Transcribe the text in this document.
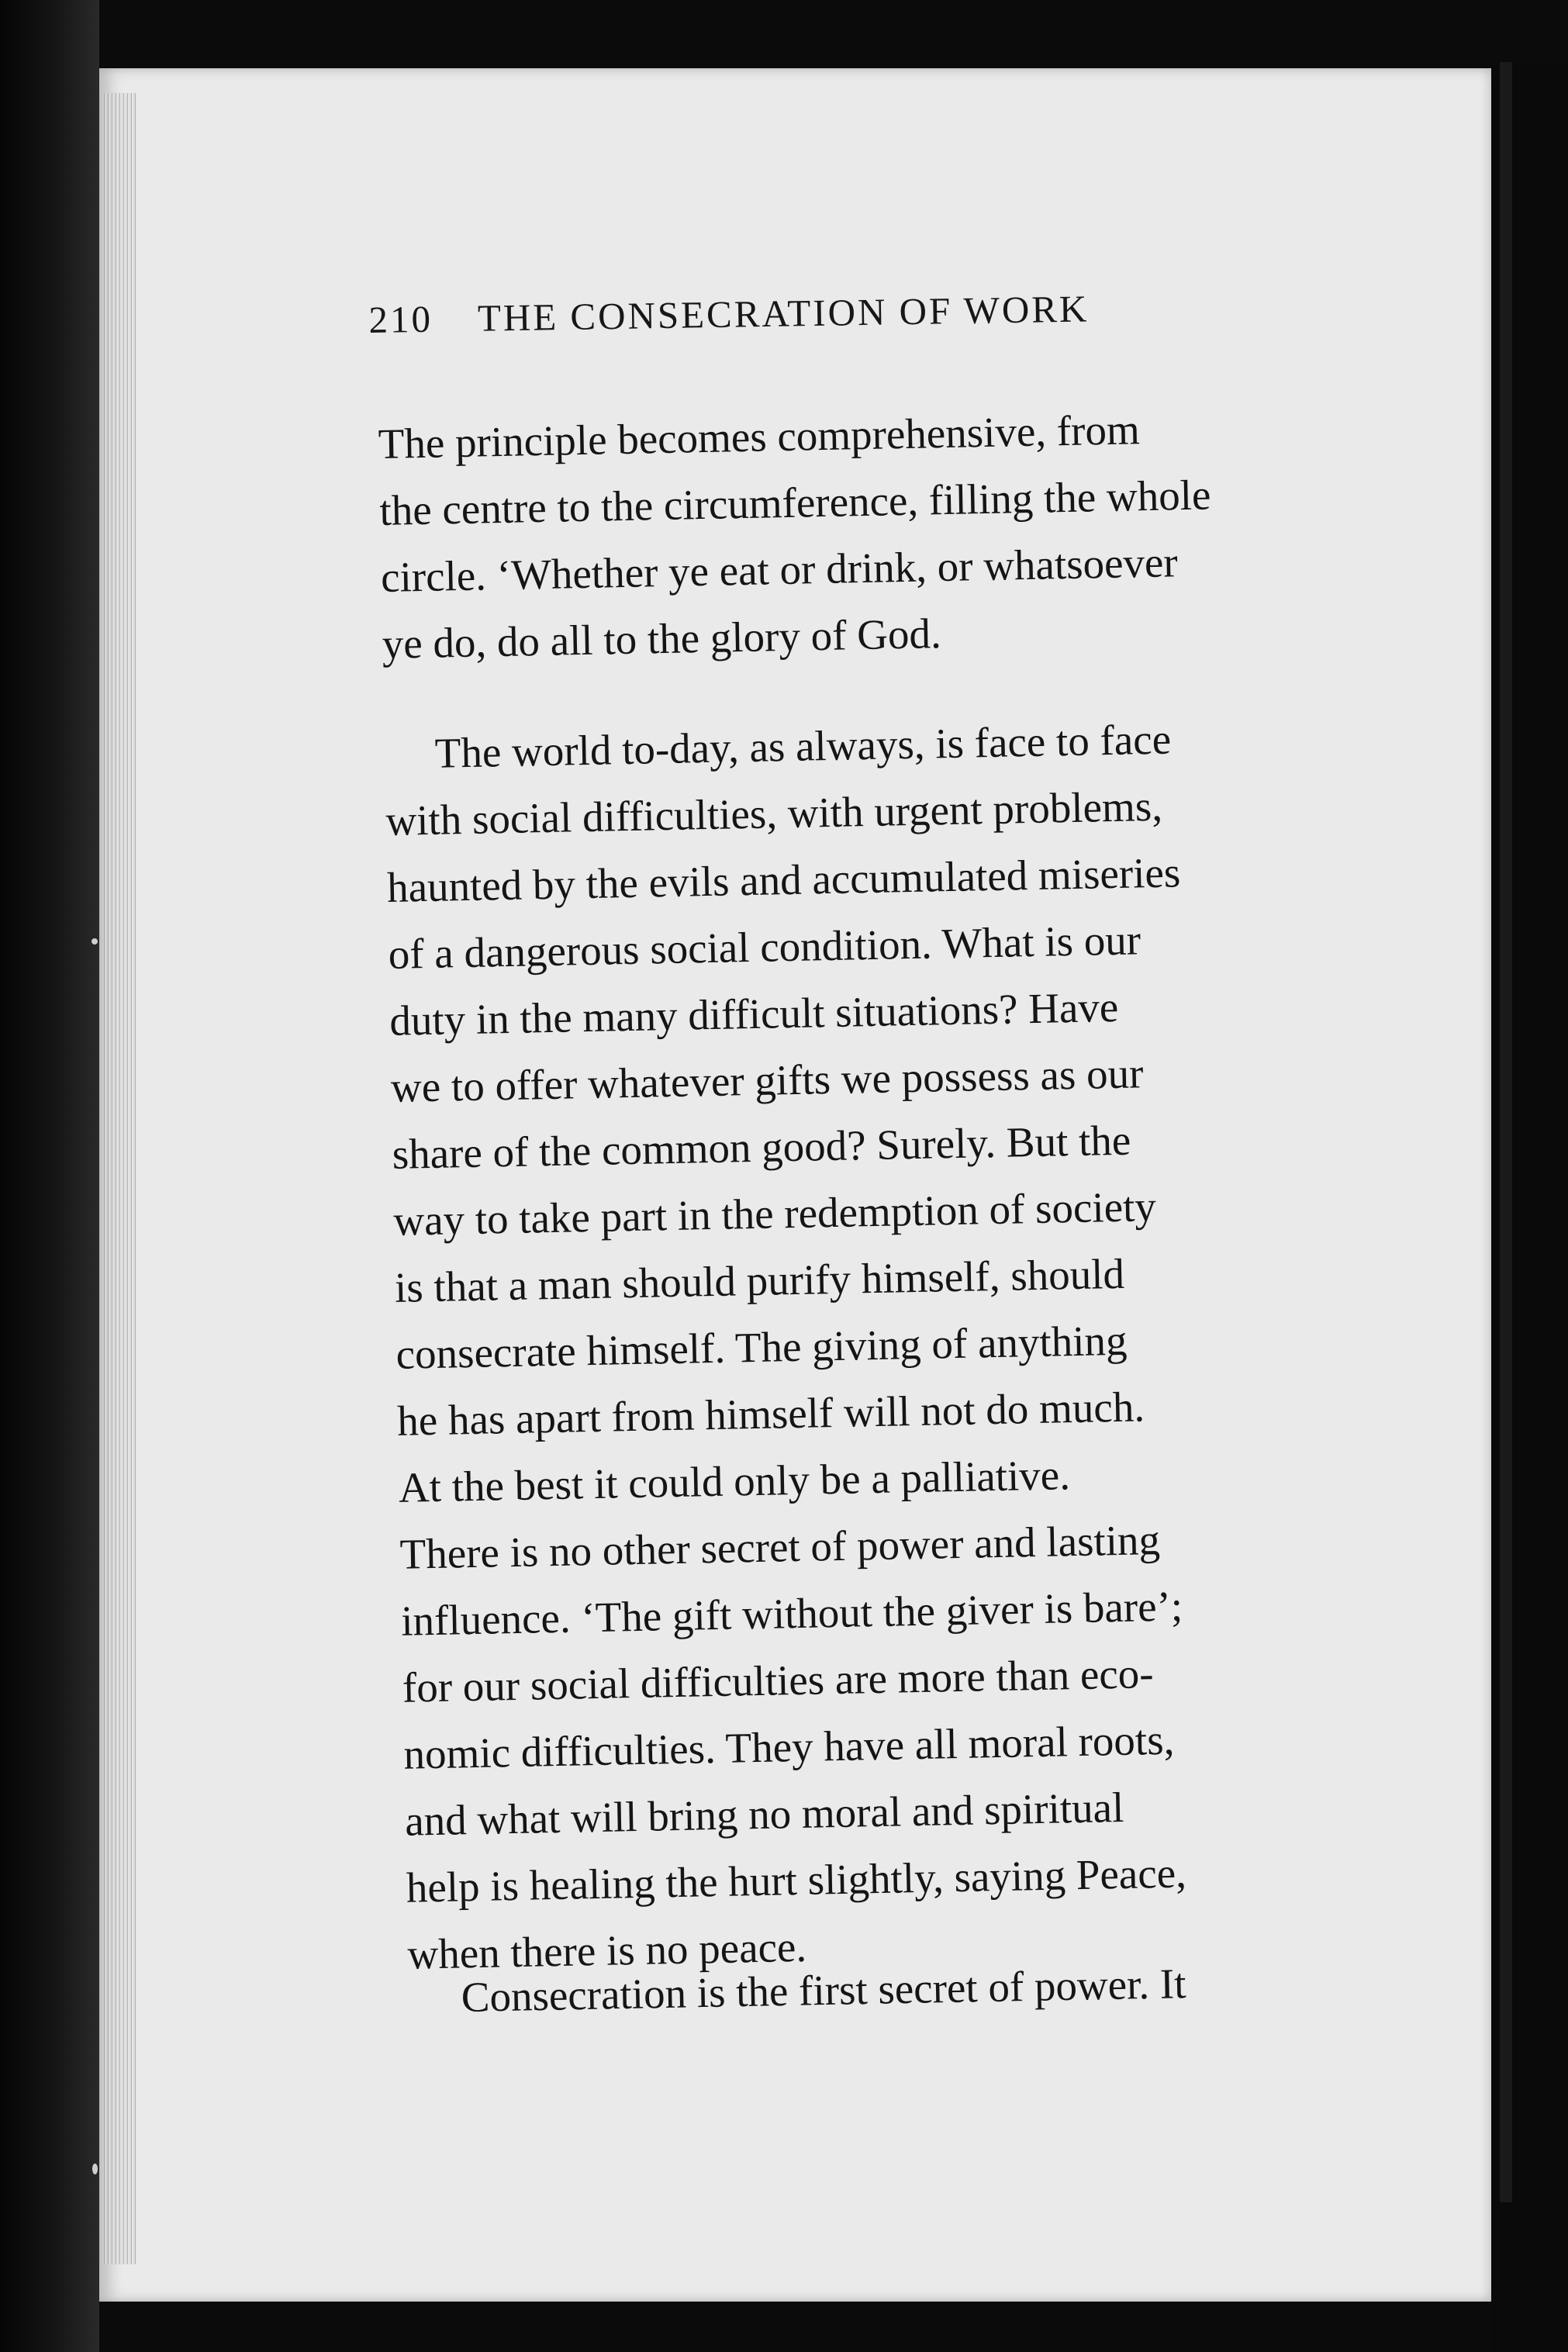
210 THE CONSECRATION OF WORK
The principle becomes comprehensive, from
the centre to the circumference, filling the whole
circle. ‘Whether ye eat or drink, or whatsoever
ye do, do all to the glory of God.
The world to-day, as always, is face to face
with social difficulties, with urgent problems,
haunted by the evils and accumulated miseries
of a dangerous social condition. What is our
duty in the many difficult situations? Have
we to offer whatever gifts we possess as our
share of the common good? Surely. But the
way to take part in the redemption of society
is that a man should purify himself, should
consecrate himself. The giving of anything
he has apart from himself will not do much.
At the best it could only be a palliative.
There is no other secret of power and lasting
influence. ‘The gift without the giver is bare’;
for our social difficulties are more than eco-
nomic difficulties. They have all moral roots,
and what will bring no moral and spiritual
help is healing the hurt slightly, saying Peace,
when there is no peace.
Consecration is the first secret of power. It
